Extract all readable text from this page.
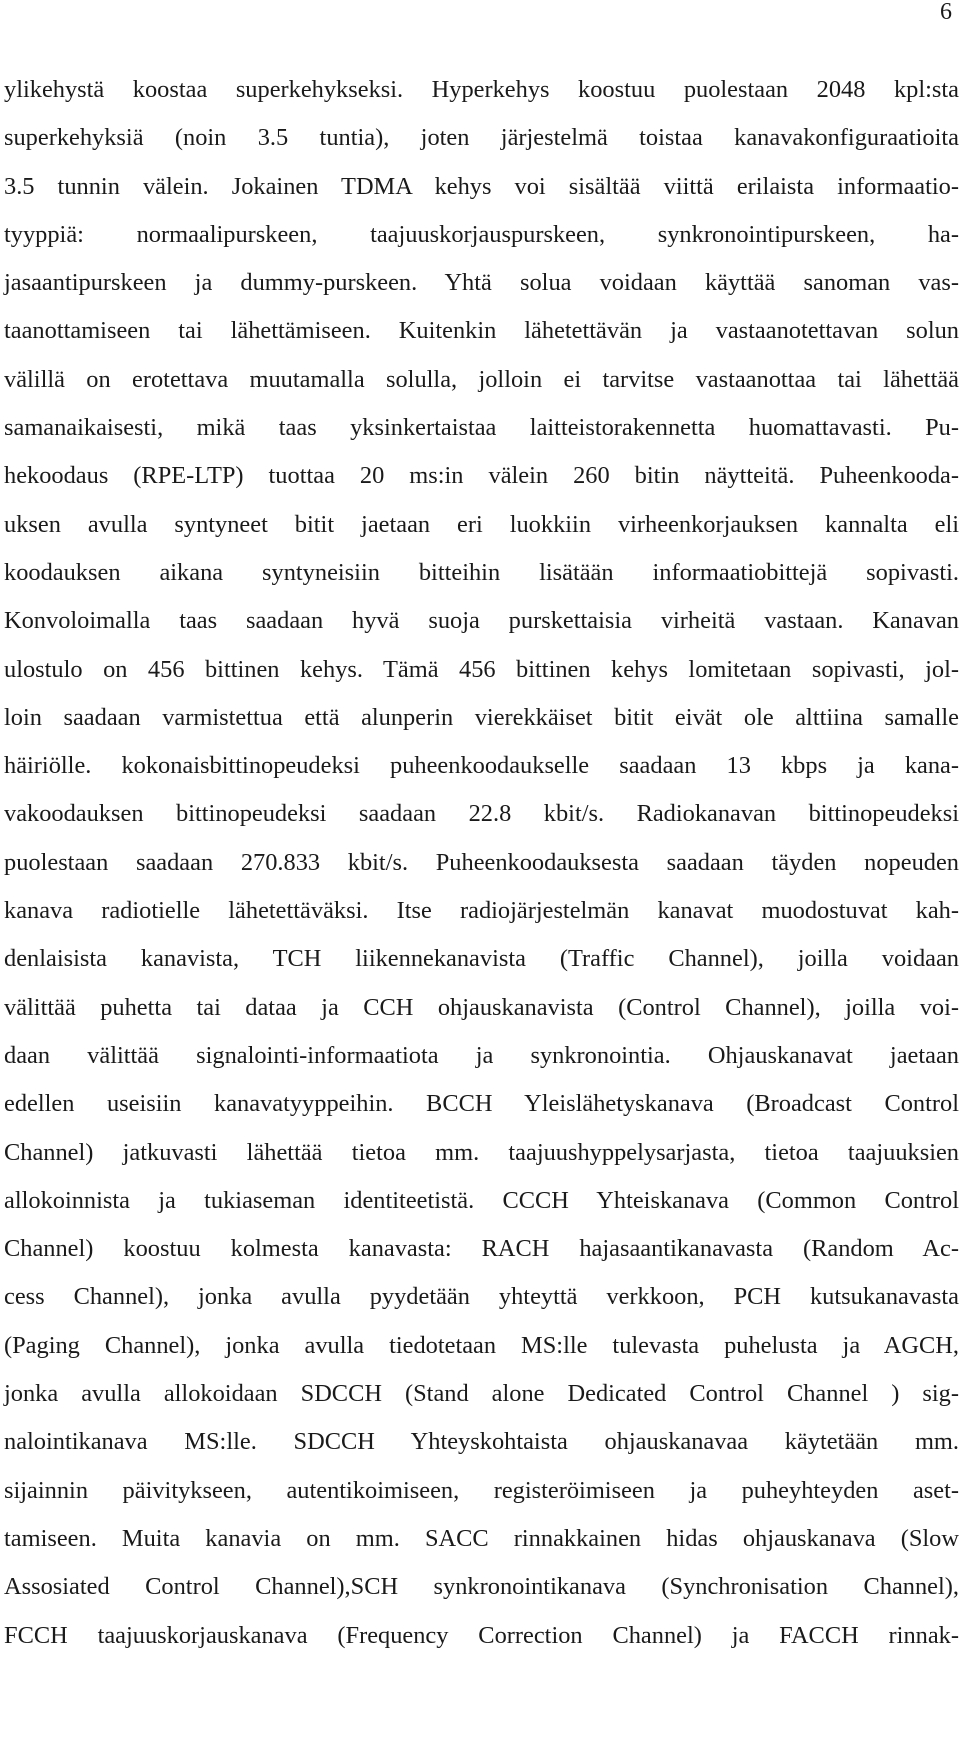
6
ylikehystä koostaa superkehykseksi. Hyperkehys koostuu puolestaan 2048 kpl:sta
superkehyksiä (noin 3.5 tuntia), joten järjestelmä toistaa kanavakonfiguraatioita
3.5 tunnin välein. Jokainen TDMA kehys voi sisältää viittä erilaista informaatio-
tyyppiä: normaalipurskeen, taajuuskorjauspurskeen, synkronointipurskeen, ha-
jasaantipurskeen ja dummy-purskeen. Yhtä solua voidaan käyttää sanoman vas-
taanottamiseen tai lähettämiseen. Kuitenkin lähetettävän ja vastaanotettavan solun
välillä on erotettava muutamalla solulla, jolloin ei tarvitse vastaanottaa tai lähettää
samanaikaisesti, mikä taas yksinkertaistaa laitteistorakennetta huomattavasti. Pu-
hekoodaus (RPE-LTP) tuottaa 20 ms:in välein 260 bitin näytteitä. Puheenkooda-
uksen avulla syntyneet bitit jaetaan eri luokkiin virheenkorjauksen kannalta eli
koodauksen aikana syntyneisiin bitteihin lisätään informaatiobittejä sopivasti.
Konvoloimalla taas saadaan hyvä suoja purskettaisia virheitä vastaan. Kanavan
ulostulo on 456 bittinen kehys. Tämä 456 bittinen kehys lomitetaan sopivasti, jol-
loin saadaan varmistettua että alunperin vierekkäiset bitit eivät ole alttiina samalle
häiriölle. kokonaisbittinopeudeksi puheenkoodaukselle saadaan 13 kbps ja kana-
vakoodauksen bittinopeudeksi saadaan 22.8 kbit/s. Radiokanavan bittinopeudeksi
puolestaan saadaan 270.833 kbit/s. Puheenkoodauksesta saadaan täyden nopeuden
kanava radiotielle lähetettäväksi. Itse radiojärjestelmän kanavat muodostuvat kah-
denlaisista kanavista, TCH liikennekanavista (Traffic Channel), joilla voidaan
välittää puhetta tai dataa ja CCH ohjauskanavista (Control Channel), joilla voi-
daan välittää signalointi-informaatiota ja synkronointia. Ohjauskanavat jaetaan
edellen useisiin kanavatyyppeihin. BCCH Yleislähetyskanava (Broadcast Control
Channel) jatkuvasti lähettää tietoa mm. taajuushyppelysarjasta, tietoa taajuuksien
allokoinnista ja tukiaseman identiteetistä. CCCH Yhteiskanava (Common Control
Channel) koostuu kolmesta kanavasta: RACH hajasaantikanavasta (Random Ac-
cess Channel), jonka avulla pyydetään yhteyttä verkkoon, PCH kutsukanavasta
(Paging Channel), jonka avulla tiedotetaan MS:lle tulevasta puhelusta ja AGCH,
jonka avulla allokoidaan SDCCH (Stand alone Dedicated Control Channel ) sig-
nalointikanava MS:lle. SDCCH Yhteyskohtaista ohjauskanavaa käytetään mm.
sijainnin päivitykseen, autentikoimiseen, registeröimiseen ja puheyhteyden aset-
tamiseen. Muita kanavia on mm. SACC rinnakkainen hidas ohjauskanava (Slow
Assosiated Control Channel),SCH synkronointikanava (Synchronisation Channel),
FCCH taajuuskorjauskanava (Frequency Correction Channel) ja FACCH rinnak-
